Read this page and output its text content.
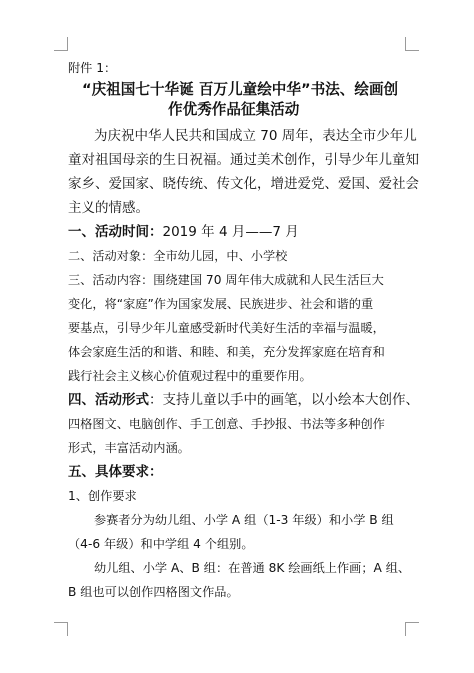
附件 1：
“庆祖国七十华诞 百万儿童绘中华”书法、绘画创
作优秀作品征集活动
为庆祝中华人民共和国成立 70 周年，表达全市少年儿
童对祖国母亲的生日祝福。通过美术创作，引导少年儿童知
家乡、爱国家、晓传统、传文化，增进爱党、爱国、爱社会
主义的情感。
一、活动时间：2019 年 4 月——7 月
二、活动对象：全市幼儿园，中、小学校
三、活动内容：围绕建国 70 周年伟大成就和人民生活巨大
变化，将“家庭”作为国家发展、民族进步、社会和谐的重
要基点，引导少年儿童感受新时代美好生活的幸福与温暖，
体会家庭生活的和谐、和睦、和美，充分发挥家庭在培育和
践行社会主义核心价值观过程中的重要作用。
四、活动形式：支持儿童以手中的画笔，以小绘本大创作、
四格图文、电脑创作、手工创意、手抄报、书法等多种创作
形式，丰富活动内涵。
五、具体要求：
1、创作要求
参赛者分为幼儿组、小学 A 组（1-3 年级）和小学 B 组
（4-6 年级）和中学组 4 个组别。
幼儿组、小学 A、B 组：在普通 8K 绘画纸上作画；A 组、
B 组也可以创作四格图文作品。
